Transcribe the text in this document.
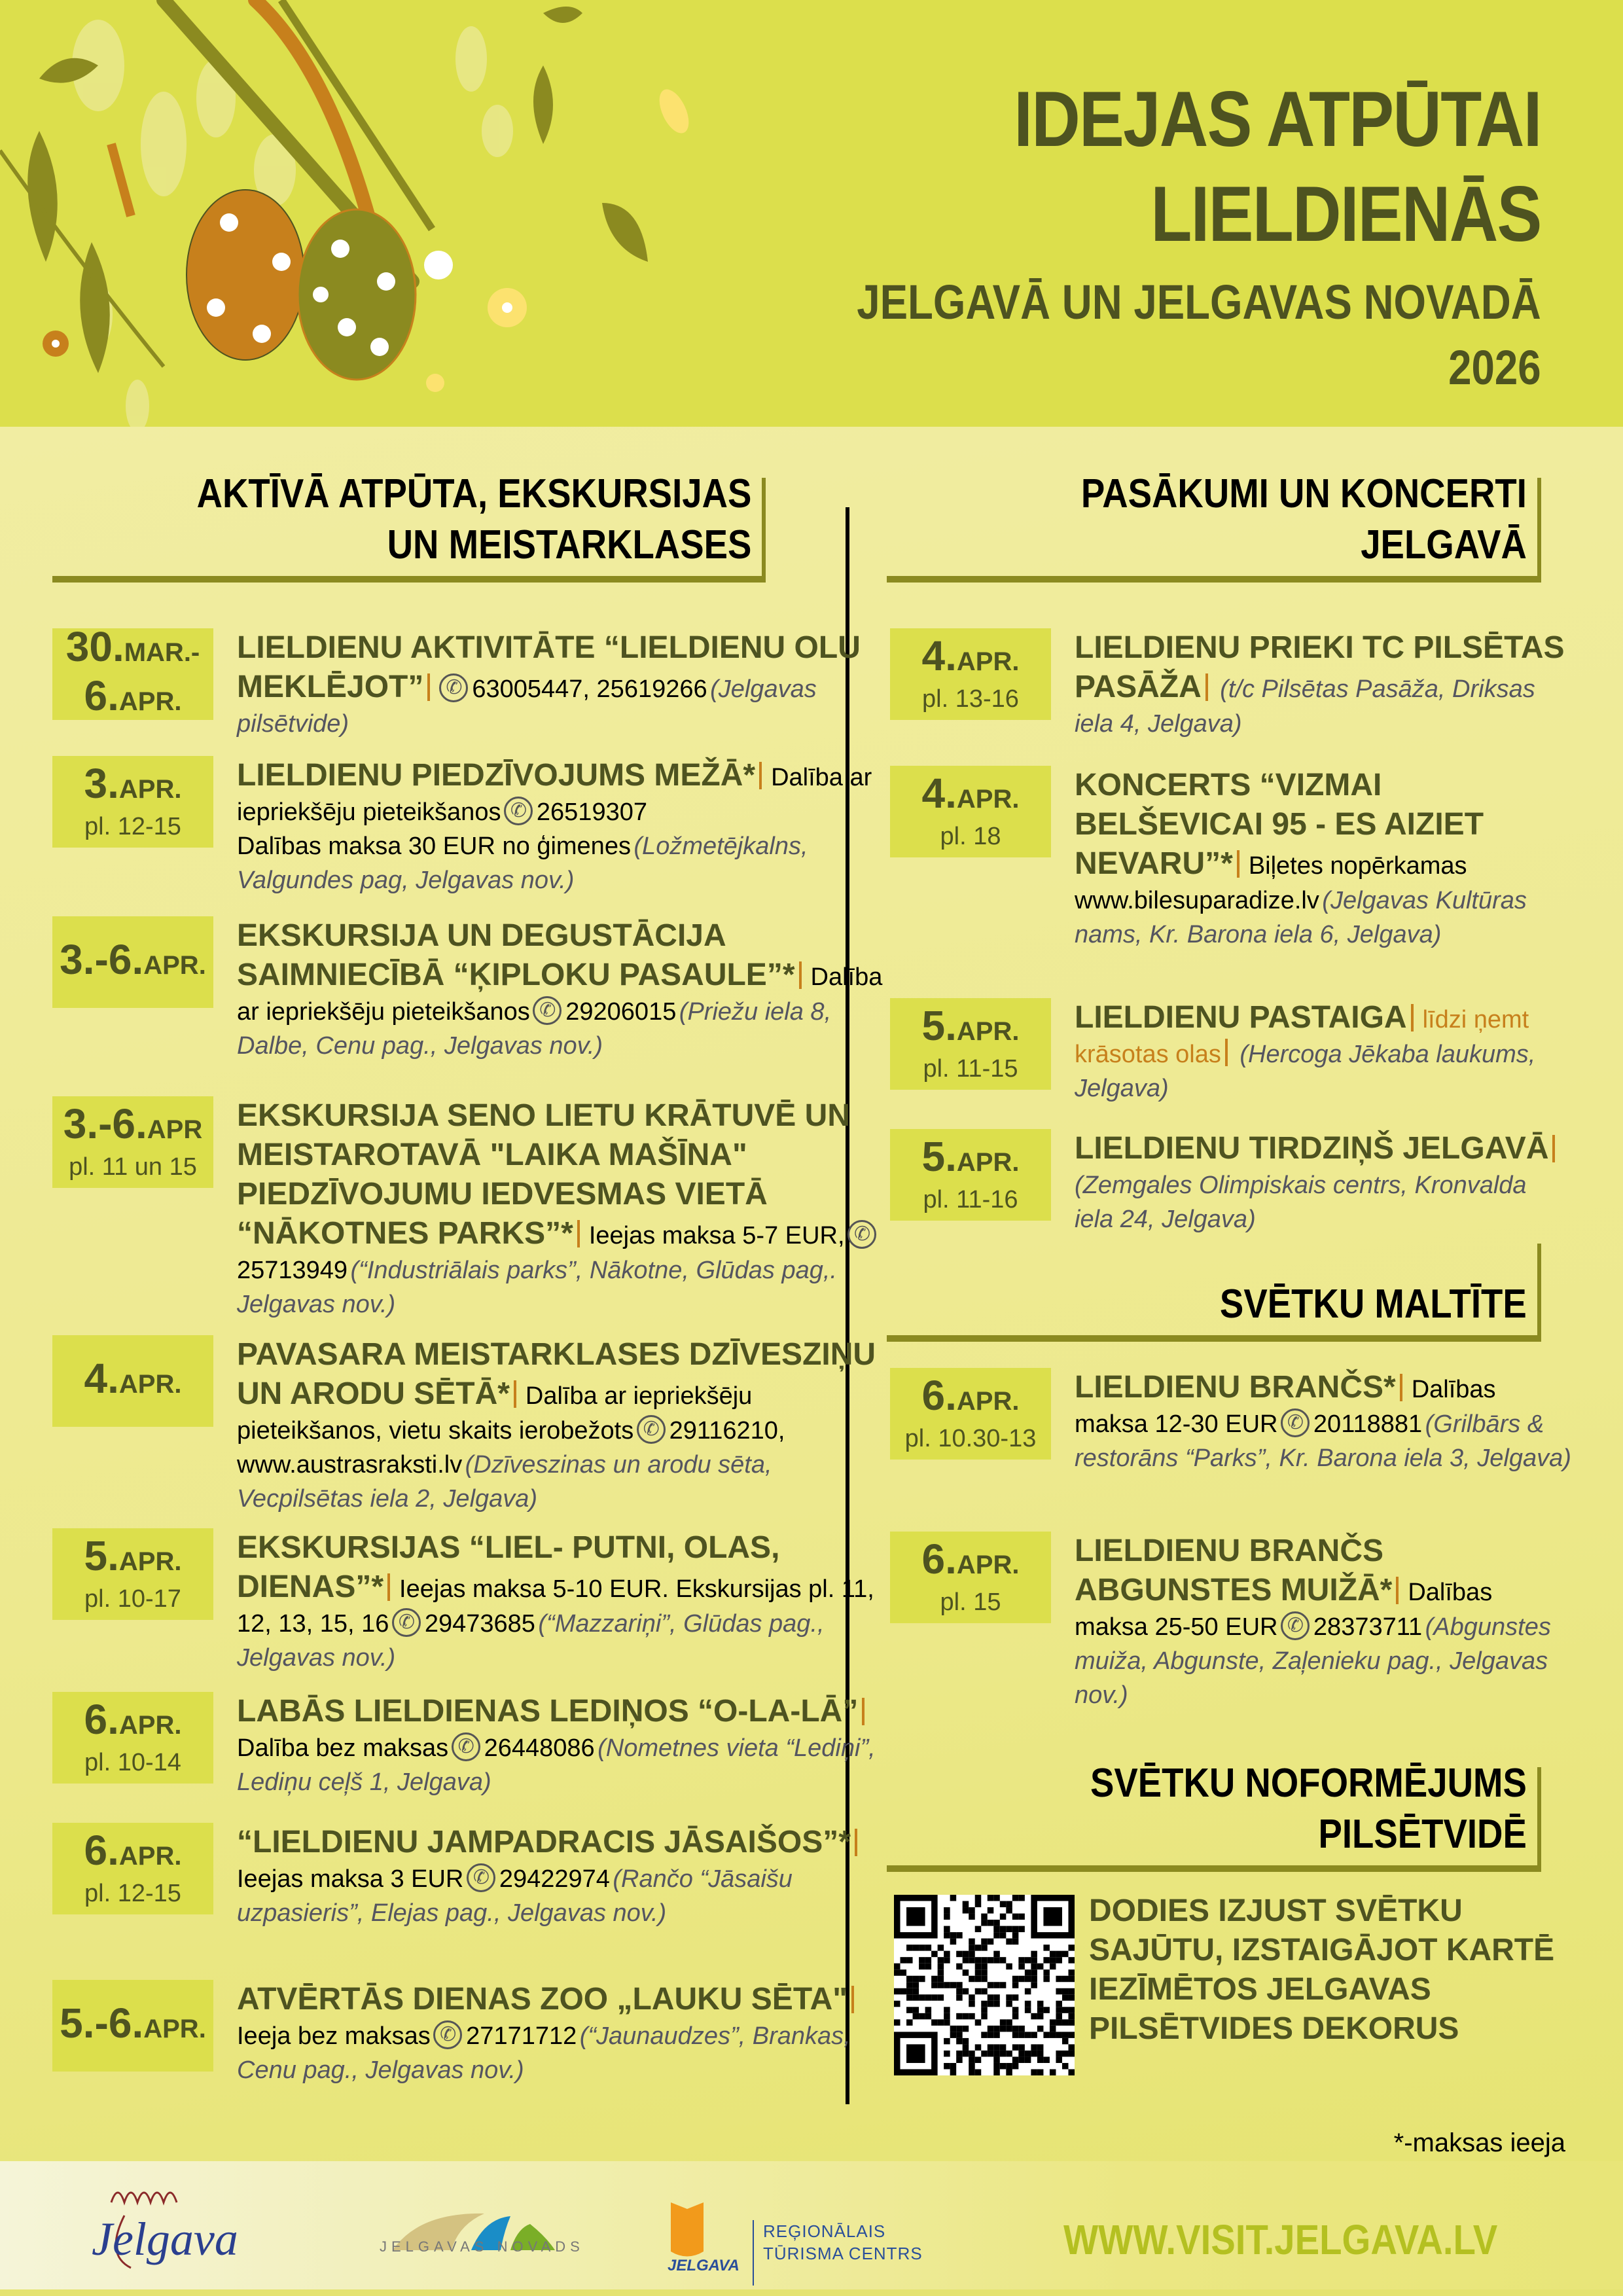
IDEJAS ATPŪTAI
LIELDIENĀS
JELGAVĀ UN JELGAVAS NOVADĀ
2026
AKTĪVĀ ATPŪTA, EKSKURSIJAS
UN MEISTARKLASES
PASĀKUMI UN KONCERTI
JELGAVĀ
30.MAR.-
6.APR.
LIELDIENU AKTIVITĀTE “LIELDIENU OLU MEKLĒJOT” ✆ 63005447, 25619266 (Jelgavas pilsētvide)
3.APR.
pl. 12-15
LIELDIENU PIEDZĪVOJUMS MEŽĀ* Dalība ar iepriekšēju pieteikšanos ✆ 26519307
Dalības maksa 30 EUR no ģimenes (Ložmetējkalns, Valgundes pag, Jelgavas nov.)
3.-6.APR.
EKSKURSIJA UN DEGUSTĀCIJA SAIMNIECĪBĀ “ĶIPLOKU PASAULE”* Dalība ar iepriekšēju pieteikšanos ✆ 29206015 (Priežu iela 8, Dalbe, Cenu pag., Jelgavas nov.)
3.-6.APR
pl. 11 un 15
EKSKURSIJA SENO LIETU KRĀTUVĒ UN MEISTAROTAVĀ "LAIKA MAŠĪNA" PIEDZĪVOJUMU IEDVESMAS VIETĀ “NĀKOTNES PARKS”* Ieejas maksa 5-7 EUR, ✆25713949 (“Industriālais parks”, Nākotne, Glūdas pag,. Jelgavas nov.)
4.APR.
PAVASARA MEISTARKLASES DZĪVESZIŅU UN ARODU SĒTĀ* Dalība ar iepriekšēju pieteikšanos, vietu skaits ierobežots ✆ 29116210, www.austrasraksti.lv (Dzīveszinas un arodu sēta, Vecpilsētas iela 2, Jelgava)
5.APR.
pl. 10-17
EKSKURSIJAS “LIEL- PUTNI, OLAS, DIENAS”* Ieejas maksa 5-10 EUR. Ekskursijas pl. 11, 12, 13, 15, 16 ✆ 29473685 (“Mazzariņi”, Glūdas pag., Jelgavas nov.)
6.APR.
pl. 10-14
LABĀS LIELDIENAS LEDIŅOS “O-LA-LĀ”Dalība bez maksas ✆ 26448086 (Nometnes vieta “Lediņi”, Lediņu ceļš 1, Jelgava)
6.APR.
pl. 12-15
“LIELDIENU JAMPADRACIS JĀSAIŠOS”*Ieejas maksa 3 EUR ✆ 29422974 (Rančo “Jāsaišu uzpasieris”, Elejas pag., Jelgavas nov.)
5.-6.APR.
ATVĒRTĀS DIENAS ZOO „LAUKU SĒTA"Ieeja bez maksas ✆ 27171712 (“Jaunaudzes”, Brankas, Cenu pag., Jelgavas nov.)
4.APR.
pl. 13-16
LIELDIENU PRIEKI TC PILSĒTAS PASĀŽA (t/c Pilsētas Pasāža, Driksas iela 4, Jelgava)
4.APR.
pl. 18
KONCERTS “VIZMAI BELŠEVICAI 95 - ES AIZIET NEVARU”* Biļetes nopērkamas www.bilesuparadize.lv (Jelgavas Kultūras nams, Kr. Barona iela 6, Jelgava)
5.APR.
pl. 11-15
LIELDIENU PASTAIGA līdzi ņemt krāsotas olas (Hercoga Jēkaba laukums, Jelgava)
5.APR.
pl. 11-16
LIELDIENU TIRDZIŅŠ JELGAVĀ (Zemgales Olimpiskais centrs, Kronvalda iela 24, Jelgava)
6.APR.
pl. 10.30-13
LIELDIENU BRANČS* Dalības maksa 12-30 EUR ✆ 20118881 (Grilbārs & restorāns “Parks”, Kr. Barona iela 3, Jelgava)
6.APR.
pl. 15
LIELDIENU BRANČS ABGUNSTES MUIŽĀ* Dalības maksa 25-50 EUR ✆ 28373711 (Abgunstes muiža, Abgunste, Zaļenieku pag., Jelgavas nov.)
SVĒTKU MALTĪTE
SVĒTKU NOFORMĒJUMS
PILSĒTVIDĒ
DODIES IZJUST SVĒTKU SAJŪTU, IZSTAIGĀJOT KARTĒ IEZĪMĒTOS JELGAVAS PILSĒTVIDES DEKORUS
*-maksas ieeja
Jelgava	JELGAVAS NOVADS
JELGAVA
REĢIONĀLAIS
TŪRISMA CENTRS	WWW.VISIT.JELGAVA.LV
